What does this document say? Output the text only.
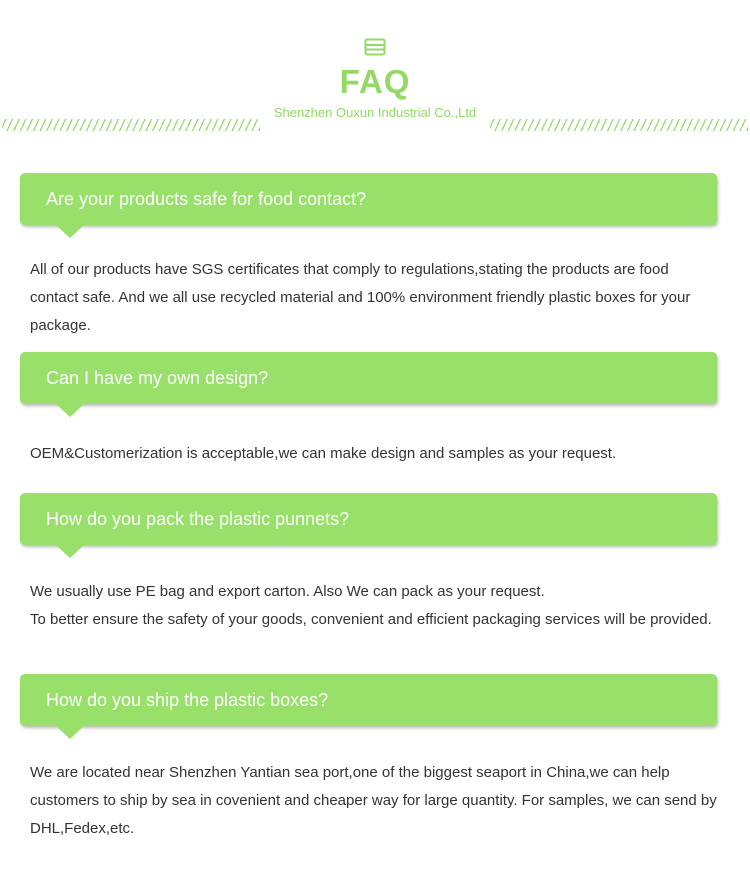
FAQ
Shenzhen Ouxun Industrial Co.,Ltd
Are your products safe for food contact?

All of our products have SGS certificates that comply to regulations,stating the products are food contact safe. And we all use recycled material and 100% environment friendly plastic boxes for your package.

Can I have my own design?

OEM&Customerization is acceptable,we can make design and samples as your request.

How do you pack the plastic punnets?

We usually use PE bag and export carton. Also We can pack as your request.

To better ensure the safety of your goods, convenient and efficient packaging services will be provided.

How do you ship the plastic boxes?

We are located near Shenzhen Yantian sea port,one of the biggest seaport in China,we can help customers to ship by sea in covenient and cheaper way for large quantity. For samples, we can send by DHL,Fedex,etc.
